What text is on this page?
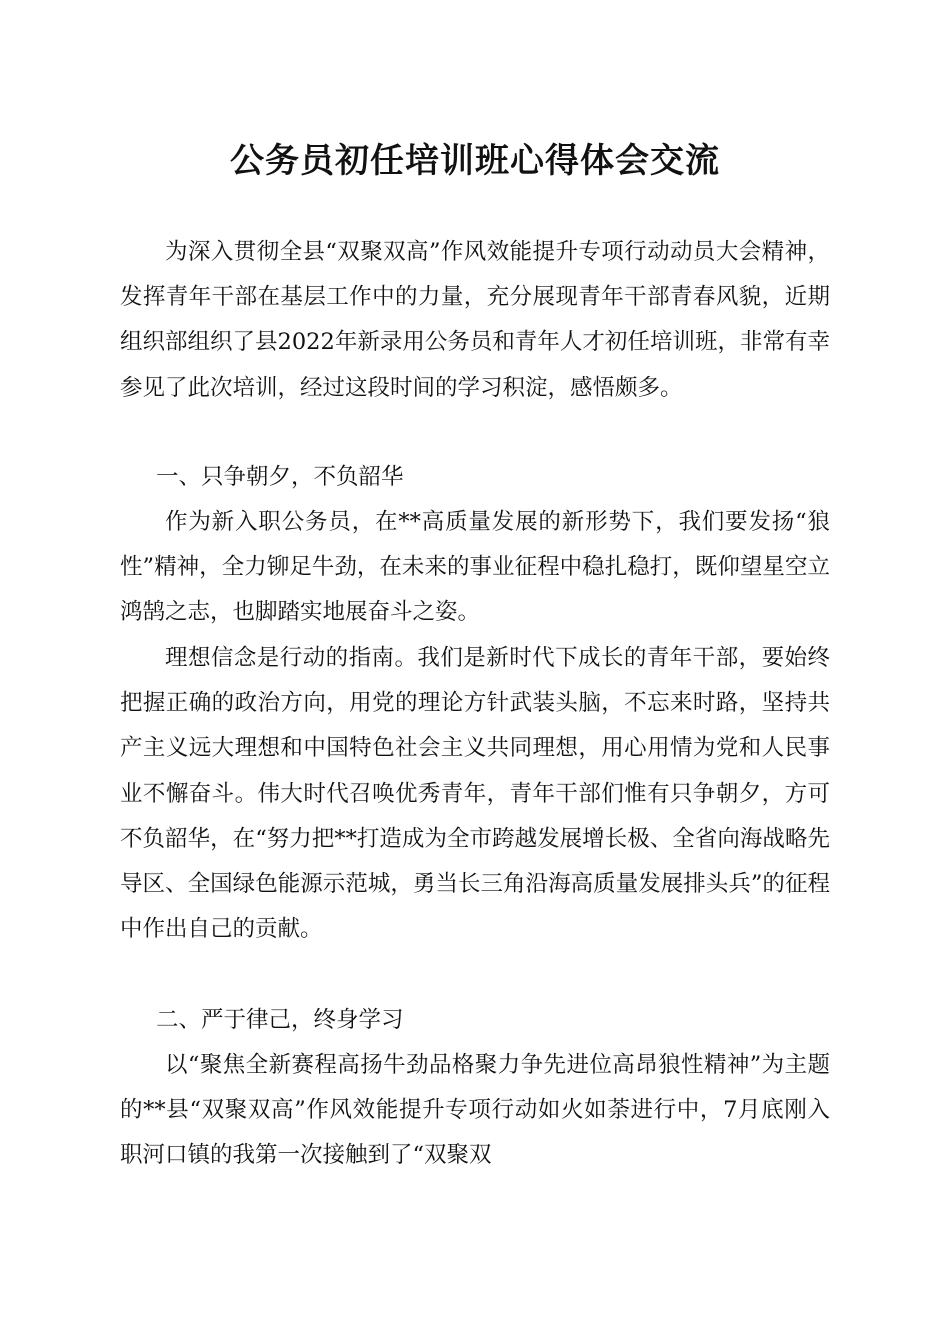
公务员初任培训班心得体会交流

为深入贯彻全县“双聚双高”作风效能提升专项行动动员大会精神，发挥青年干部在基层工作中的力量，充分展现青年干部青春风貌，近期组织部组织了县2022年新录用公务员和青年人才初任培训班，非常有幸参见了此次培训，经过这段时间的学习积淀，感悟颇多。

一、只争朝夕，不负韶华

作为新入职公务员，在**高质量发展的新形势下，我们要发扬“狼性”精神，全力铆足牛劲，在未来的事业征程中稳扎稳打，既仰望星空立鸿鹄之志，也脚踏实地展奋斗之姿。

理想信念是行动的指南。我们是新时代下成长的青年干部，要始终把握正确的政治方向，用党的理论方针武装头脑，不忘来时路，坚持共产主义远大理想和中国特色社会主义共同理想，用心用情为党和人民事业不懈奋斗。伟大时代召唤优秀青年，青年干部们惟有只争朝夕，方可不负韶华，在“努力把**打造成为全市跨越发展增长极、全省向海战略先导区、全国绿色能源示范城，勇当长三角沿海高质量发展排头兵”的征程中作出自己的贡献。

二、严于律己，终身学习

以“聚焦全新赛程高扬牛劲品格聚力争先进位高昂狼性精神”为主题的**县“双聚双高”作风效能提升专项行动如火如荼进行中，7月底刚入职河口镇的我第一次接触到了“双聚双
